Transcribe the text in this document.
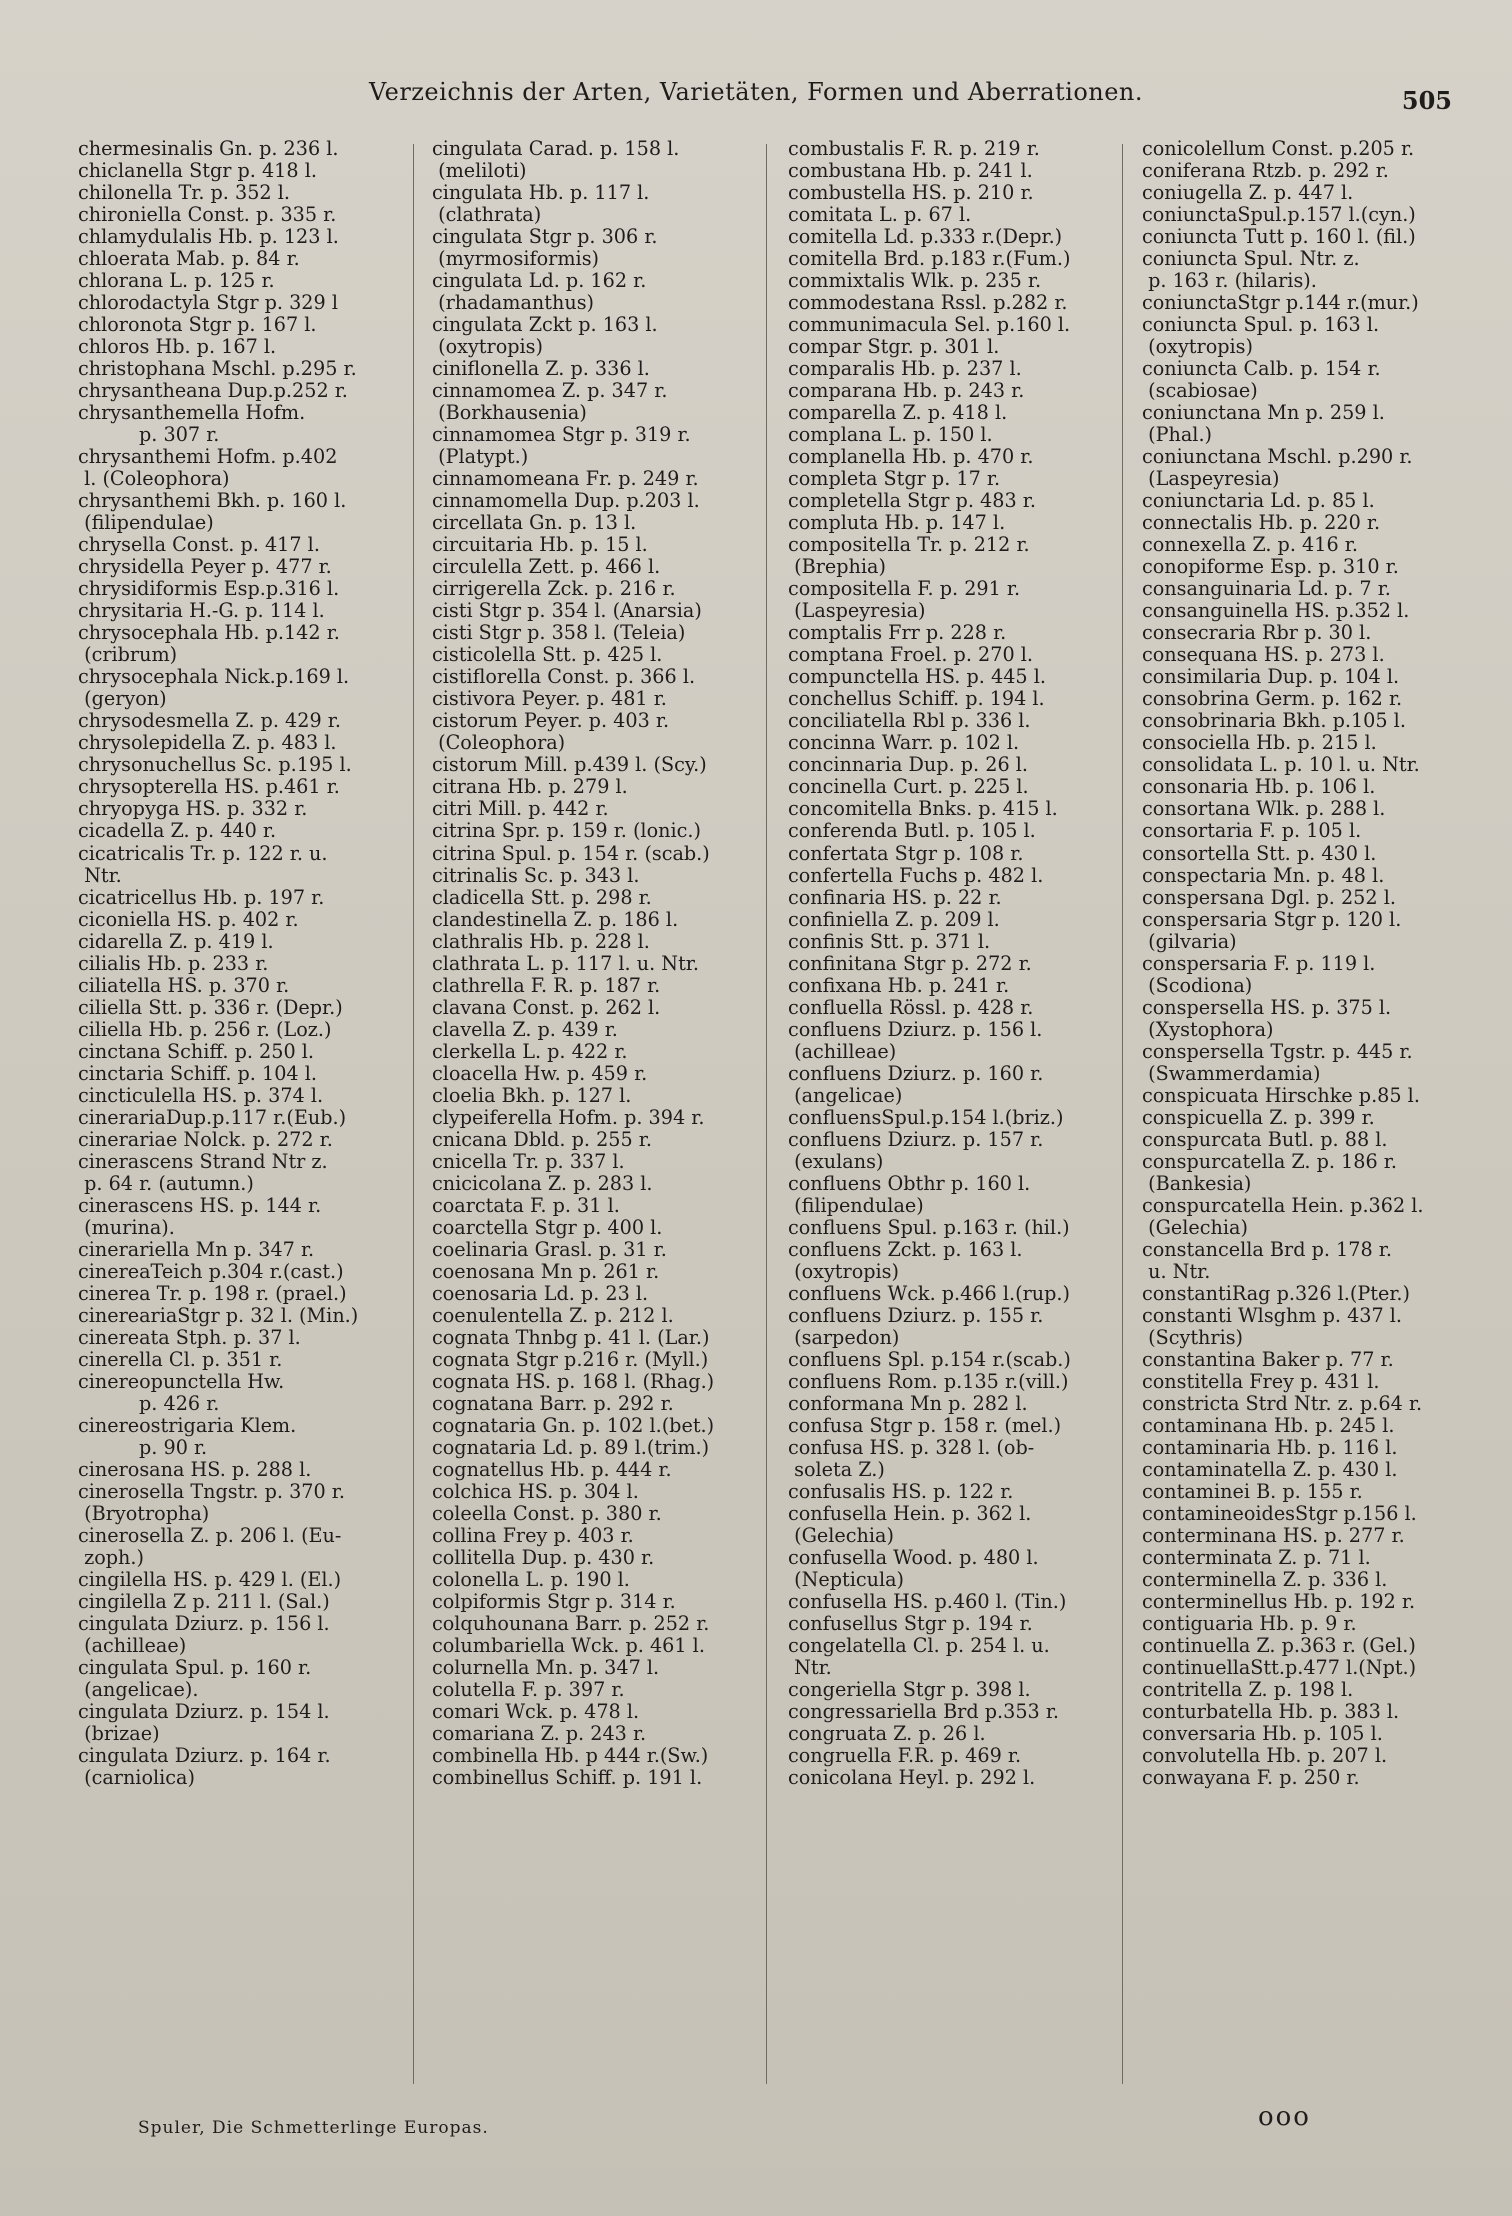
Verzeichnis der Arten, Varietäten, Formen und Aberrationen.	505
chermesinalis Gn. p. 236 l.
chiclanella Stgr p. 418 l.
chilonella Tr. p. 352 l.
chironiella Const. p. 335 r.
chlamydulalis Hb. p. 123 l.
chloerata Mab. p. 84 r.
chlorana L. p. 125 r.
chlorodactyla Stgr p. 329 l
chloronota Stgr p. 167 l.
chloros Hb. p. 167 l.
christophana Mschl. p.295 r.
chrysantheana Dup.p.252 r.
chrysanthemella Hofm.
p. 307 r.
chrysanthemi Hofm. p.402
l. (Coleophora)
chrysanthemi Bkh. p. 160 l.
(filipendulae)
chrysella Const. p. 417 l.
chrysidella Peyer p. 477 r.
chrysidiformis Esp.p.316 l.
chrysitaria H.-G. p. 114 l.
chrysocephala Hb. p.142 r.
(cribrum)
chrysocephala Nick.p.169 l.
(geryon)
chrysodesmella Z. p. 429 r.
chrysolepidella Z. p. 483 l.
chrysonuchellus Sc. p.195 l.
chrysopterella HS. p.461 r.
chryopyga HS. p. 332 r.
cicadella Z. p. 440 r.
cicatricalis Tr. p. 122 r. u.
Ntr.
cicatricellus Hb. p. 197 r.
ciconiella HS. p. 402 r.
cidarella Z. p. 419 l.
cilialis Hb. p. 233 r.
ciliatella HS. p. 370 r.
ciliella Stt. p. 336 r. (Depr.)
ciliella Hb. p. 256 r. (Loz.)
cinctana Schiff. p. 250 l.
cinctaria Schiff. p. 104 l.
cincticulella HS. p. 374 l.
cinerariaDup.p.117 r.(Eub.)
cinerariae Nolck. p. 272 r.
cinerascens Strand Ntr z.
p. 64 r. (autumn.)
cinerascens HS. p. 144 r.
(murina).
cinerariella Mn p. 347 r.
cinereaTeich p.304 r.(cast.)
cinerea Tr. p. 198 r. (prael.)
cinereariaStgr p. 32 l. (Min.)
cinereata Stph. p. 37 l.
cinerella Cl. p. 351 r.
cinereopunctella Hw.
p. 426 r.
cinereostrigaria Klem.
p. 90 r.
cinerosana HS. p. 288 l.
cinerosella Tngstr. p. 370 r.
(Bryotropha)
cinerosella Z. p. 206 l. (Eu-
zoph.)
cingilella HS. p. 429 l. (El.)
cingilella Z p. 211 l. (Sal.)
cingulata Dziurz. p. 156 l.
(achilleae)
cingulata Spul. p. 160 r.
(angelicae).
cingulata Dziurz. p. 154 l.
(brizae)
cingulata Dziurz. p. 164 r.
(carniolica)
cingulata Carad. p. 158 l.
(meliloti)
cingulata Hb. p. 117 l.
(clathrata)
cingulata Stgr p. 306 r.
(myrmosiformis)
cingulata Ld. p. 162 r.
(rhadamanthus)
cingulata Zckt p. 163 l.
(oxytropis)
ciniflonella Z. p. 336 l.
cinnamomea Z. p. 347 r.
(Borkhausenia)
cinnamomea Stgr p. 319 r.
(Platypt.)
cinnamomeana Fr. p. 249 r.
cinnamomella Dup. p.203 l.
circellata Gn. p. 13 l.
circuitaria Hb. p. 15 l.
circulella Zett. p. 466 l.
cirrigerella Zck. p. 216 r.
cisti Stgr p. 354 l. (Anarsia)
cisti Stgr p. 358 l. (Teleia)
cisticolella Stt. p. 425 l.
cistiflorella Const. p. 366 l.
cistivora Peyer. p. 481 r.
cistorum Peyer. p. 403 r.
(Coleophora)
cistorum Mill. p.439 l. (Scy.)
citrana Hb. p. 279 l.
citri Mill. p. 442 r.
citrina Spr. p. 159 r. (lonic.)
citrina Spul. p. 154 r. (scab.)
citrinalis Sc. p. 343 l.
cladicella Stt. p. 298 r.
clandestinella Z. p. 186 l.
clathralis Hb. p. 228 l.
clathrata L. p. 117 l. u. Ntr.
clathrella F. R. p. 187 r.
clavana Const. p. 262 l.
clavella Z. p. 439 r.
clerkella L. p. 422 r.
cloacella Hw. p. 459 r.
cloelia Bkh. p. 127 l.
clypeiferella Hofm. p. 394 r.
cnicana Dbld. p. 255 r.
cnicella Tr. p. 337 l.
cnicicolana Z. p. 283 l.
coarctata F. p. 31 l.
coarctella Stgr p. 400 l.
coelinaria Grasl. p. 31 r.
coenosana Mn p. 261 r.
coenosaria Ld. p. 23 l.
coenulentella Z. p. 212 l.
cognata Thnbg p. 41 l. (Lar.)
cognata Stgr p.216 r. (Myll.)
cognata HS. p. 168 l. (Rhag.)
cognatana Barr. p. 292 r.
cognataria Gn. p. 102 l.(bet.)
cognataria Ld. p. 89 l.(trim.)
cognatellus Hb. p. 444 r.
colchica HS. p. 304 l.
coleella Const. p. 380 r.
collina Frey p. 403 r.
collitella Dup. p. 430 r.
colonella L. p. 190 l.
colpiformis Stgr p. 314 r.
colquhounana Barr. p. 252 r.
columbariella Wck. p. 461 l.
colurnella Mn. p. 347 l.
colutella F. p. 397 r.
comari Wck. p. 478 l.
comariana Z. p. 243 r.
combinella Hb. p 444 r.(Sw.)
combinellus Schiff. p. 191 l.
combustalis F. R. p. 219 r.
combustana Hb. p. 241 l.
combustella HS. p. 210 r.
comitata L. p. 67 l.
comitella Ld. p.333 r.(Depr.)
comitella Brd. p.183 r.(Fum.)
commixtalis Wlk. p. 235 r.
commodestana Rssl. p.282 r.
communimacula Sel. p.160 l.
compar Stgr. p. 301 l.
comparalis Hb. p. 237 l.
comparana Hb. p. 243 r.
comparella Z. p. 418 l.
complana L. p. 150 l.
complanella Hb. p. 470 r.
completa Stgr p. 17 r.
completella Stgr p. 483 r.
compluta Hb. p. 147 l.
compositella Tr. p. 212 r.
(Brephia)
compositella F. p. 291 r.
(Laspeyresia)
comptalis Frr p. 228 r.
comptana Froel. p. 270 l.
compunctella HS. p. 445 l.
conchellus Schiff. p. 194 l.
conciliatella Rbl p. 336 l.
concinna Warr. p. 102 l.
concinnaria Dup. p. 26 l.
concinella Curt. p. 225 l.
concomitella Bnks. p. 415 l.
conferenda Butl. p. 105 l.
confertata Stgr p. 108 r.
confertella Fuchs p. 482 l.
confinaria HS. p. 22 r.
confiniella Z. p. 209 l.
confinis Stt. p. 371 l.
confinitana Stgr p. 272 r.
confixana Hb. p. 241 r.
confluella Rössl. p. 428 r.
confluens Dziurz. p. 156 l.
(achilleae)
confluens Dziurz. p. 160 r.
(angelicae)
confluensSpul.p.154 l.(briz.)
confluens Dziurz. p. 157 r.
(exulans)
confluens Obthr p. 160 l.
(filipendulae)
confluens Spul. p.163 r. (hil.)
confluens Zckt. p. 163 l.
(oxytropis)
confluens Wck. p.466 l.(rup.)
confluens Dziurz. p. 155 r.
(sarpedon)
confluens Spl. p.154 r.(scab.)
confluens Rom. p.135 r.(vill.)
conformana Mn p. 282 l.
confusa Stgr p. 158 r. (mel.)
confusa HS. p. 328 l. (ob-
soleta Z.)
confusalis HS. p. 122 r.
confusella Hein. p. 362 l.
(Gelechia)
confusella Wood. p. 480 l.
(Nepticula)
confusella HS. p.460 l. (Tin.)
confusellus Stgr p. 194 r.
congelatella Cl. p. 254 l. u.
Ntr.
congeriella Stgr p. 398 l.
congressariella Brd p.353 r.
congruata Z. p. 26 l.
congruella F.R. p. 469 r.
conicolana Heyl. p. 292 l.
conicolellum Const. p.205 r.
coniferana Rtzb. p. 292 r.
coniugella Z. p. 447 l.
coniunctaSpul.p.157 l.(cyn.)
coniuncta Tutt p. 160 l. (fil.)
coniuncta Spul. Ntr. z.
p. 163 r. (hilaris).
coniunctaStgr p.144 r.(mur.)
coniuncta Spul. p. 163 l.
(oxytropis)
coniuncta Calb. p. 154 r.
(scabiosae)
coniunctana Mn p. 259 l.
(Phal.)
coniunctana Mschl. p.290 r.
(Laspeyresia)
coniunctaria Ld. p. 85 l.
connectalis Hb. p. 220 r.
connexella Z. p. 416 r.
conopiforme Esp. p. 310 r.
consanguinaria Ld. p. 7 r.
consanguinella HS. p.352 l.
consecraria Rbr p. 30 l.
consequana HS. p. 273 l.
consimilaria Dup. p. 104 l.
consobrina Germ. p. 162 r.
consobrinaria Bkh. p.105 l.
consociella Hb. p. 215 l.
consolidata L. p. 10 l. u. Ntr.
consonaria Hb. p. 106 l.
consortana Wlk. p. 288 l.
consortaria F. p. 105 l.
consortella Stt. p. 430 l.
conspectaria Mn. p. 48 l.
conspersana Dgl. p. 252 l.
conspersaria Stgr p. 120 l.
(gilvaria)
conspersaria F. p. 119 l.
(Scodiona)
conspersella HS. p. 375 l.
(Xystophora)
conspersella Tgstr. p. 445 r.
(Swammerdamia)
conspicuata Hirschke p.85 l.
conspicuella Z. p. 399 r.
conspurcata Butl. p. 88 l.
conspurcatella Z. p. 186 r.
(Bankesia)
conspurcatella Hein. p.362 l.
(Gelechia)
constancella Brd p. 178 r.
u. Ntr.
constantiRag p.326 l.(Pter.)
constanti Wlsghm p. 437 l.
(Scythris)
constantina Baker p. 77 r.
constitella Frey p. 431 l.
constricta Strd Ntr. z. p.64 r.
contaminana Hb. p. 245 l.
contaminaria Hb. p. 116 l.
contaminatella Z. p. 430 l.
contaminei B. p. 155 r.
contamineoidesStgr p.156 l.
conterminana HS. p. 277 r.
conterminata Z. p. 71 l.
conterminella Z. p. 336 l.
conterminellus Hb. p. 192 r.
contiguaria Hb. p. 9 r.
continuella Z. p.363 r. (Gel.)
continuellaStt.p.477 l.(Npt.)
contritella Z. p. 198 l.
conturbatella Hb. p. 383 l.
conversaria Hb. p. 105 l.
convolutella Hb. p. 207 l.
conwayana F. p. 250 r.
Spuler, Die Schmetterlinge Europas.	ooo
